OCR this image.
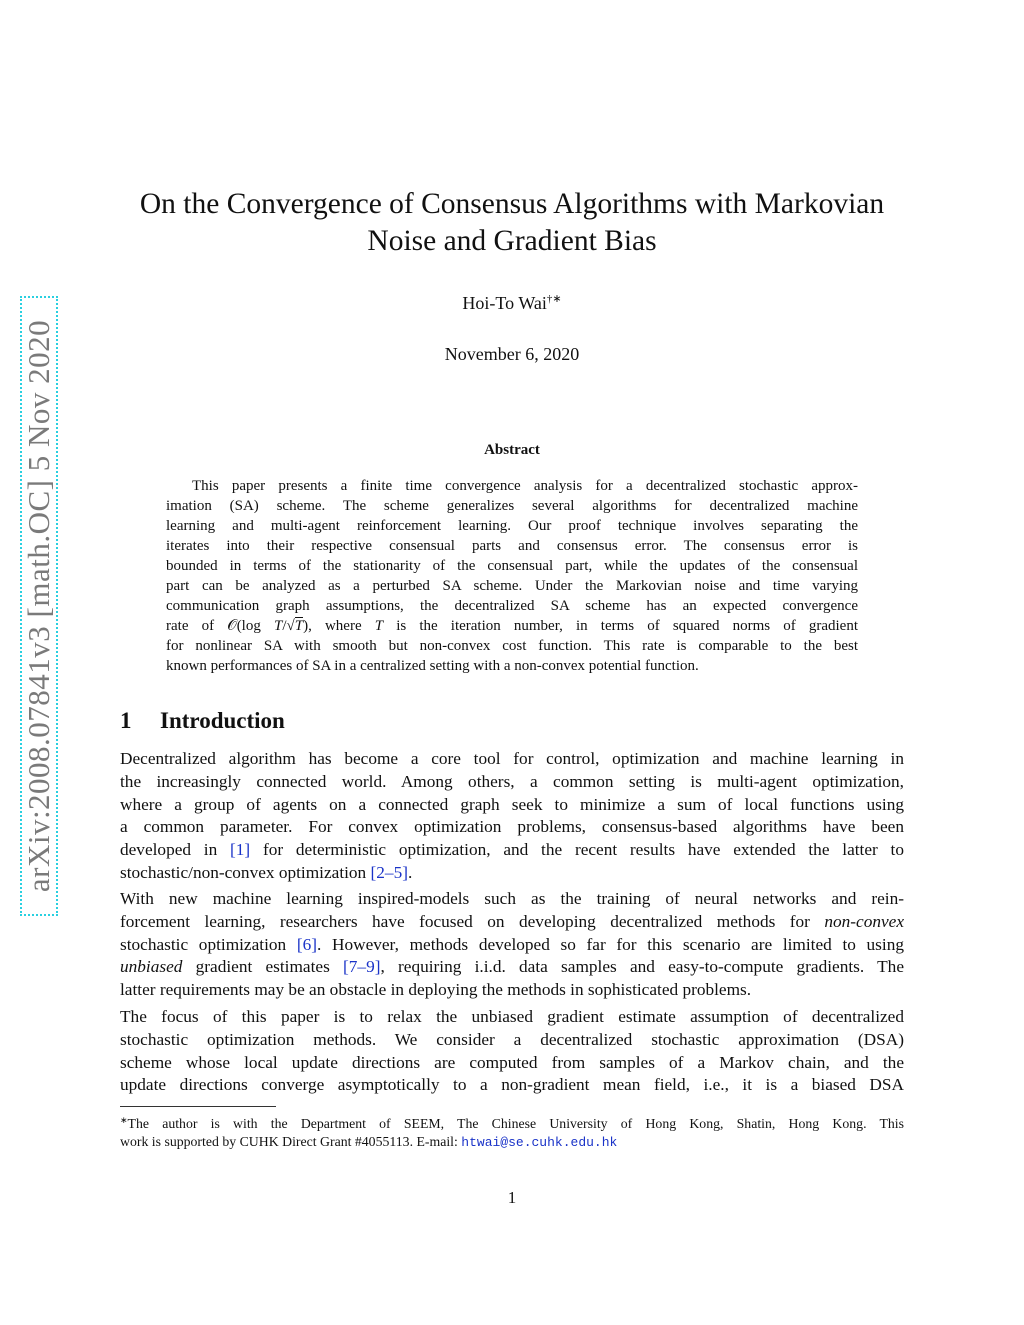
arXiv:2008.07841v3 [math.OC] 5 Nov 2020
On the Convergence of Consensus Algorithms with Markovian
Noise and Gradient Bias
Hoi-To Wai†∗
November 6, 2020
Abstract
This paper presents a finite time convergence analysis for a decentralized stochastic approx-
imation (SA) scheme. The scheme generalizes several algorithms for decentralized machine
learning and multi-agent reinforcement learning. Our proof technique involves separating the
iterates into their respective consensual parts and consensus error. The consensus error is
bounded in terms of the stationarity of the consensual part, while the updates of the consensual
part can be analyzed as a perturbed SA scheme. Under the Markovian noise and time varying
communication graph assumptions, the decentralized SA scheme has an expected convergence
rate of 𝒪(log T/√T), where T is the iteration number, in terms of squared norms of gradient
for nonlinear SA with smooth but non-convex cost function. This rate is comparable to the best
known performances of SA in a centralized setting with a non-convex potential function.
1 Introduction
Decentralized algorithm has become a core tool for control, optimization and machine learning in
the increasingly connected world. Among others, a common setting is multi-agent optimization,
where a group of agents on a connected graph seek to minimize a sum of local functions using
a common parameter. For convex optimization problems, consensus-based algorithms have been
developed in [1] for deterministic optimization, and the recent results have extended the latter to
stochastic/non-convex optimization [2–5].
With new machine learning inspired-models such as the training of neural networks and rein-
forcement learning, researchers have focused on developing decentralized methods for non-convex
stochastic optimization [6]. However, methods developed so far for this scenario are limited to using
unbiased gradient estimates [7–9], requiring i.i.d. data samples and easy-to-compute gradients. The
latter requirements may be an obstacle in deploying the methods in sophisticated problems.
The focus of this paper is to relax the unbiased gradient estimate assumption of decentralized
stochastic optimization methods. We consider a decentralized stochastic approximation (DSA)
scheme whose local update directions are computed from samples of a Markov chain, and the
update directions converge asymptotically to a non-gradient mean field, i.e., it is a biased DSA
∗The author is with the Department of SEEM, The Chinese University of Hong Kong, Shatin, Hong Kong. This
work is supported by CUHK Direct Grant #4055113. E-mail: htwai@se.cuhk.edu.hk
1
